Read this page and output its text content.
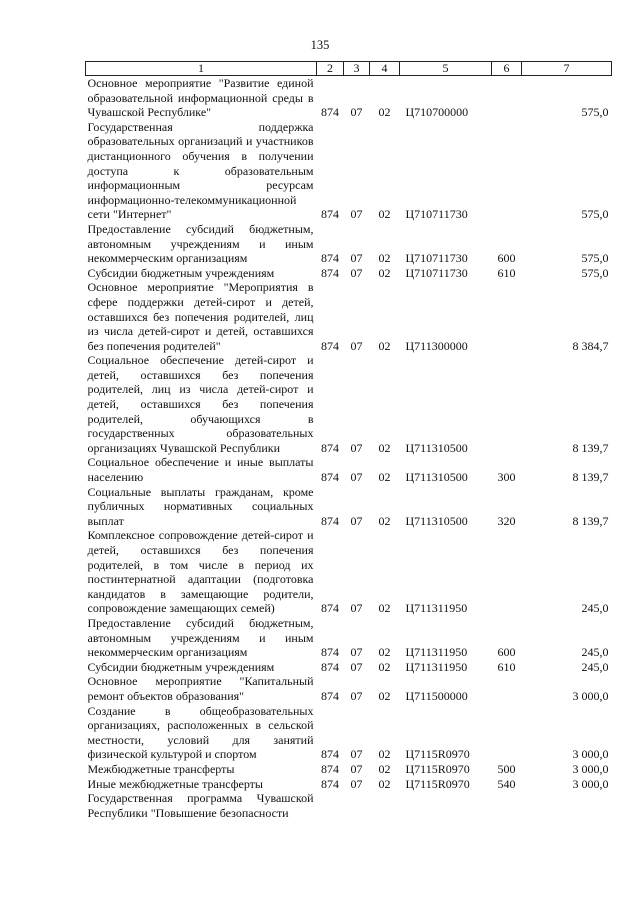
135
1	2	3	4	5	6	7
Основное мероприятие "Развитие единой образовательной информационной среды в Чувашской Республике"	874	07	02	Ц710700000		575,0
Государственная поддержка образовательных организаций и участников дистанционного обучения в получении доступа к образовательным информационным ресурсам информационно-телекоммуникационной сети "Интернет"	874	07	02	Ц710711730		575,0
Предоставление субсидий бюджетным, автономным учреждениям и иным некоммерческим организациям	874	07	02	Ц710711730	600	575,0
Субсидии бюджетным учреждениям	874	07	02	Ц710711730	610	575,0
Основное мероприятие "Мероприятия в сфере поддержки детей-сирот и детей, оставшихся без попечения родителей, лиц из числа детей-сирот и детей, оставшихся без попечения родителей"	874	07	02	Ц711300000		8 384,7
Социальное обеспечение детей-сирот и детей, оставшихся без попечения родителей, лиц из числа детей-сирот и детей, оставшихся без попечения родителей, обучающихся в государственных образовательных организациях Чувашской Республики	874	07	02	Ц711310500		8 139,7
Социальное обеспечение и иные выплаты населению	874	07	02	Ц711310500	300	8 139,7
Социальные выплаты гражданам, кроме публичных нормативных социальных выплат	874	07	02	Ц711310500	320	8 139,7
Комплексное сопровождение детей-сирот и детей, оставшихся без попечения родителей, в том числе в период их постинтернатной адаптации (подготовка кандидатов в замещающие родители, сопровождение замещающих семей)	874	07	02	Ц711311950		245,0
Предоставление субсидий бюджетным, автономным учреждениям и иным некоммерческим организациям	874	07	02	Ц711311950	600	245,0
Субсидии бюджетным учреждениям	874	07	02	Ц711311950	610	245,0
Основное мероприятие "Капитальный ремонт объектов образования"	874	07	02	Ц711500000		3 000,0
Создание в общеобразовательных организациях, расположенных в сельской местности, условий для занятий физической культурой и спортом	874	07	02	Ц7115R0970		3 000,0
Межбюджетные трансферты	874	07	02	Ц7115R0970	500	3 000,0
Иные межбюджетные трансферты	874	07	02	Ц7115R0970	540	3 000,0
Государственная программа Чувашской Республики "Повышение безопасности						
